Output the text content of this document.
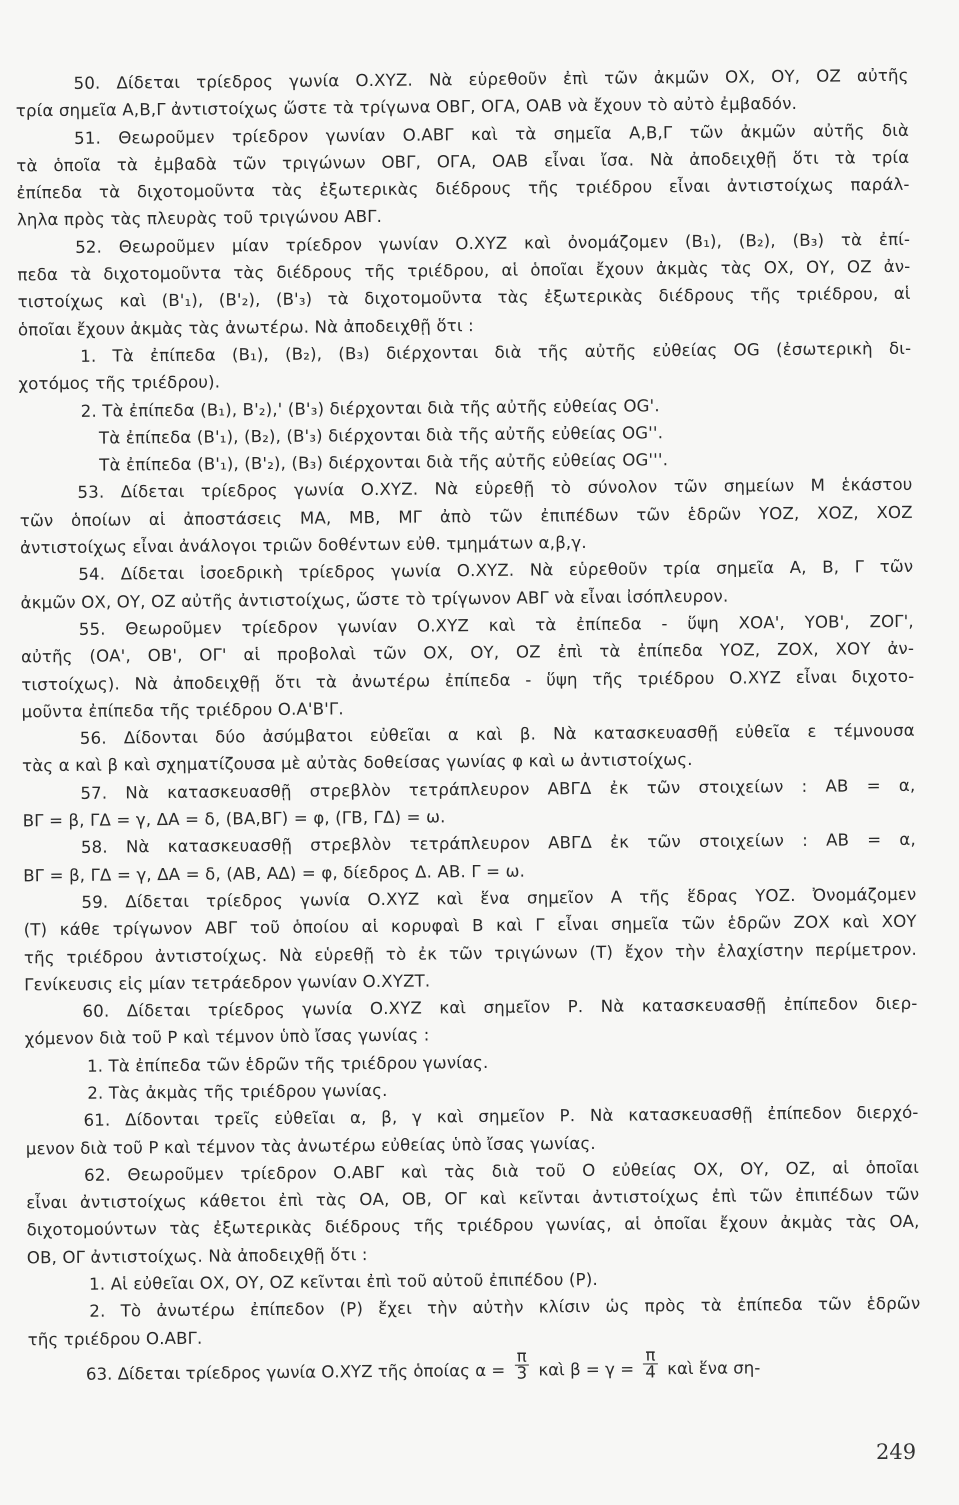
50. Δίδεται τρίεδρος γωνία Ο.ΧΥΖ. Νὰ εὑρεθοῦν ἐπὶ τῶν ἀκμῶν ΟΧ, ΟΥ, ΟΖ αὐτῆς
τρία σημεῖα Α,Β,Γ ἀντιστοίχως ὥστε τὰ τρίγωνα ΟΒΓ, ΟΓΑ, ΟΑΒ νὰ ἔχουν τὸ αὐτὸ ἐμβαδόν.
51. Θεωροῦμεν τρίεδρον γωνίαν Ο.ΑΒΓ καὶ τὰ σημεῖα Α,Β,Γ τῶν ἀκμῶν αὐτῆς διὰ
τὰ ὁποῖα τὰ ἐμβαδὰ τῶν τριγώνων ΟΒΓ, ΟΓΑ, ΟΑΒ εἶναι ἴσα. Νὰ ἀποδειχθῇ ὅτι τὰ τρία
ἐπίπεδα τὰ διχοτομοῦντα τὰς ἐξωτερικὰς διέδρους τῆς τριέδρου εἶναι ἀντιστοίχως παράλ-
ληλα πρὸς τὰς πλευρὰς τοῦ τριγώνου ΑΒΓ.
52. Θεωροῦμεν μίαν τρίεδρον γωνίαν Ο.ΧΥΖ καὶ ὀνομάζομεν (Β₁), (Β₂), (Β₃) τὰ ἐπί-
πεδα τὰ διχοτομοῦντα τὰς διέδρους τῆς τριέδρου, αἱ ὁποῖαι ἔχουν ἀκμὰς τὰς ΟΧ, ΟΥ, ΟΖ ἀν-
τιστοίχως καὶ (Β'₁), (Β'₂), (Β'₃) τὰ διχοτομοῦντα τὰς ἐξωτερικὰς διέδρους τῆς τριέδρου, αἱ
ὁποῖαι ἔχουν ἀκμὰς τὰς ἀνωτέρω. Νὰ ἀποδειχθῇ ὅτι :
1. Τὰ ἐπίπεδα (Β₁), (Β₂), (Β₃) διέρχονται διὰ τῆς αὐτῆς εὐθείας ΟG (ἐσωτερικὴ δι-
χοτόμος τῆς τριέδρου).
2. Τὰ ἐπίπεδα (Β₁), Β'₂),' (Β'₃) διέρχονται διὰ τῆς αὐτῆς εὐθείας ΟG'.
Τὰ ἐπίπεδα (Β'₁), (Β₂), (Β'₃) διέρχονται διὰ τῆς αὐτῆς εὐθείας ΟG''.
Τὰ ἐπίπεδα (Β'₁), (Β'₂), (Β₃) διέρχονται διὰ τῆς αὐτῆς εὐθείας ΟG'''.
53. Δίδεται τρίεδρος γωνία Ο.ΧΥΖ. Νὰ εὑρεθῇ τὸ σύνολον τῶν σημείων Μ ἑκάστου
τῶν ὁποίων αἱ ἀποστάσεις ΜΑ, ΜΒ, ΜΓ ἀπὸ τῶν ἐπιπέδων τῶν ἑδρῶν ΥΟΖ, ΧΟΖ, ΧΟΖ
ἀντιστοίχως εἶναι ἀνάλογοι τριῶν δοθέντων εὐθ. τμημάτων α,β,γ.
54. Δίδεται ἰσοεδρικὴ τρίεδρος γωνία Ο.ΧΥΖ. Νὰ εὑρεθοῦν τρία σημεῖα Α, Β, Γ τῶν
ἀκμῶν ΟΧ, ΟΥ, ΟΖ αὐτῆς ἀντιστοίχως, ὥστε τὸ τρίγωνον ΑΒΓ νὰ εἶναι ἰσόπλευρον.
55. Θεωροῦμεν τρίεδρον γωνίαν Ο.ΧΥΖ καὶ τὰ ἐπίπεδα - ὕψη ΧΟΑ', ΥΟΒ', ΖΟΓ',
αὐτῆς (ΟΑ', ΟΒ', ΟΓ' αἱ προβολαὶ τῶν ΟΧ, ΟΥ, ΟΖ ἐπὶ τὰ ἐπίπεδα ΥΟΖ, ΖΟΧ, ΧΟΥ ἀν-
τιστοίχως). Νὰ ἀποδειχθῇ ὅτι τὰ ἀνωτέρω ἐπίπεδα - ὕψη τῆς τριέδρου Ο.ΧΥΖ εἶναι διχοτο-
μοῦντα ἐπίπεδα τῆς τριέδρου Ο.Α'Β'Γ.
56. Δίδονται δύο ἀσύμβατοι εὐθεῖαι α καὶ β. Νὰ κατασκευασθῇ εὐθεῖα ε τέμνουσα
τὰς α καὶ β καὶ σχηματίζουσα μὲ αὐτὰς δοθείσας γωνίας φ καὶ ω ἀντιστοίχως.
57. Νὰ κατασκευασθῇ στρεβλὸν τετράπλευρον ΑΒΓΔ ἐκ τῶν στοιχείων : ΑΒ = α,
ΒΓ = β, ΓΔ = γ, ΔΑ = δ, (ΒΑ,ΒΓ) = φ, (ΓΒ, ΓΔ) = ω.
58. Νὰ κατασκευασθῇ στρεβλὸν τετράπλευρον ΑΒΓΔ ἐκ τῶν στοιχείων : ΑΒ = α,
ΒΓ = β, ΓΔ = γ, ΔΑ = δ, (ΑΒ, ΑΔ) = φ, δίεδρος Δ. ΑΒ. Γ = ω.
59. Δίδεται τρίεδρος γωνία Ο.ΧΥΖ καὶ ἕνα σημεῖον Α τῆς ἕδρας ΥΟΖ. Ὀνομάζομεν
(Τ) κάθε τρίγωνον ΑΒΓ τοῦ ὁποίου αἱ κορυφαὶ Β καὶ Γ εἶναι σημεῖα τῶν ἑδρῶν ΖΟΧ καὶ ΧΟΥ
τῆς τριέδρου ἀντιστοίχως. Νὰ εὑρεθῇ τὸ ἐκ τῶν τριγώνων (Τ) ἔχον τὴν ἐλαχίστην περίμετρον.
Γενίκευσις εἰς μίαν τετράεδρον γωνίαν Ο.ΧΥΖΤ.
60. Δίδεται τρίεδρος γωνία Ο.ΧΥΖ καὶ σημεῖον Ρ. Νὰ κατασκευασθῇ ἐπίπεδον διερ-
χόμενον διὰ τοῦ Ρ καὶ τέμνον ὑπὸ ἴσας γωνίας :
1. Τὰ ἐπίπεδα τῶν ἑδρῶν τῆς τριέδρου γωνίας.
2. Τὰς ἀκμὰς τῆς τριέδρου γωνίας.
61. Δίδονται τρεῖς εὐθεῖαι α, β, γ καὶ σημεῖον Ρ. Νὰ κατασκευασθῇ ἐπίπεδον διερχό-
μενον διὰ τοῦ Ρ καὶ τέμνον τὰς ἀνωτέρω εὐθείας ὑπὸ ἴσας γωνίας.
62. Θεωροῦμεν τρίεδρον Ο.ΑΒΓ καὶ τὰς διὰ τοῦ Ο εὐθείας ΟΧ, ΟΥ, ΟΖ, αἱ ὁποῖαι
εἶναι ἀντιστοίχως κάθετοι ἐπὶ τὰς ΟΑ, ΟΒ, ΟΓ καὶ κεῖνται ἀντιστοίχως ἐπὶ τῶν ἐπιπέδων τῶν
διχοτομούντων τὰς ἐξωτερικὰς διέδρους τῆς τριέδρου γωνίας, αἱ ὁποῖαι ἔχουν ἀκμὰς τὰς ΟΑ,
ΟΒ, ΟΓ ἀντιστοίχως. Νὰ ἀποδειχθῇ ὅτι :
1. Αἱ εὐθεῖαι ΟΧ, ΟΥ, ΟΖ κεῖνται ἐπὶ τοῦ αὐτοῦ ἐπιπέδου (Ρ).
2. Τὸ ἀνωτέρω ἐπίπεδον (Ρ) ἔχει τὴν αὐτὴν κλίσιν ὡς πρὸς τὰ ἐπίπεδα τῶν ἑδρῶν
τῆς τριέδρου Ο.ΑΒΓ.
63. Δίδεται τρίεδρος γωνία Ο.ΧΥΖ τῆς ὁποίας $\alpha = \frac{\pi}{3}$ καὶ $\beta = \gamma = \frac{\pi}{4}$ καὶ ἕνα ση-
249
